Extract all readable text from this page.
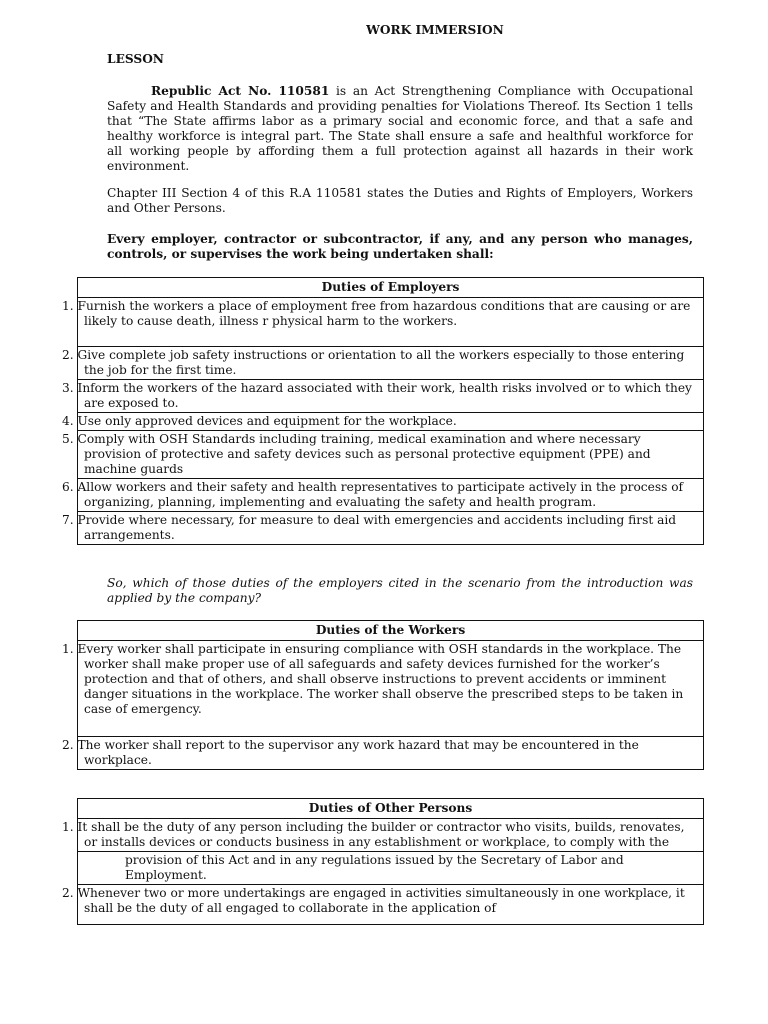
WORK IMMERSION
LESSON

Republic Act No. 110581 is an Act Strengthening Compliance with Occupational Safety and Health Standards and providing penalties for Violations Thereof. Its Section 1 tells that “The State affirms labor as a primary social and economic force, and that a safe and healthy workforce is integral part. The State shall ensure a safe and healthful workforce for all working people by affording them a full protection against all hazards in their work environment.

Chapter III Section 4 of this R.A 110581 states the Duties and Rights of Employers, Workers and Other Persons.

Every employer, contractor or subcontractor, if any, and any person who manages, controls, or supervises the work being undertaken shall:

Duties of Employers
1. Furnish the workers a place of employment free from hazardous conditions that are causing or are likely to cause death, illness r physical harm to the workers.
2. Give complete job safety instructions or orientation to all the workers especially to those entering the job for the first time.
3. Inform the workers of the hazard associated with their work, health risks involved or to which they are exposed to.
4. Use only approved devices and equipment for the workplace.
5. Comply with OSH Standards including training, medical examination and where necessary provision of protective and safety devices such as personal protective equipment (PPE) and machine guards
6. Allow workers and their safety and health representatives to participate actively in the process of organizing, planning, implementing and evaluating the safety and health program.
7. Provide where necessary, for measure to deal with emergencies and accidents including first aid arrangements.

So, which of those duties of the employers cited in the scenario from the introduction was applied by the company?

Duties of the Workers
1. Every worker shall participate in ensuring compliance with OSH standards in the workplace. The worker shall make proper use of all safeguards and safety devices furnished for the worker’s protection and that of others, and shall observe instructions to prevent accidents or imminent danger situations in the workplace. The worker shall observe the prescribed steps to be taken in case of emergency.
2. The worker shall report to the supervisor any work hazard that may be encountered in the workplace.
Duties of Other Persons
1. It shall be the duty of any person including the builder or contractor who visits, builds, renovates, or installs devices or conducts business in any establishment or workplace, to comply with the
provision of this Act and in any regulations issued by the Secretary of Labor and Employment.
2. Whenever two or more undertakings are engaged in activities simultaneously in one workplace, it shall be the duty of all engaged to collaborate in the application of
